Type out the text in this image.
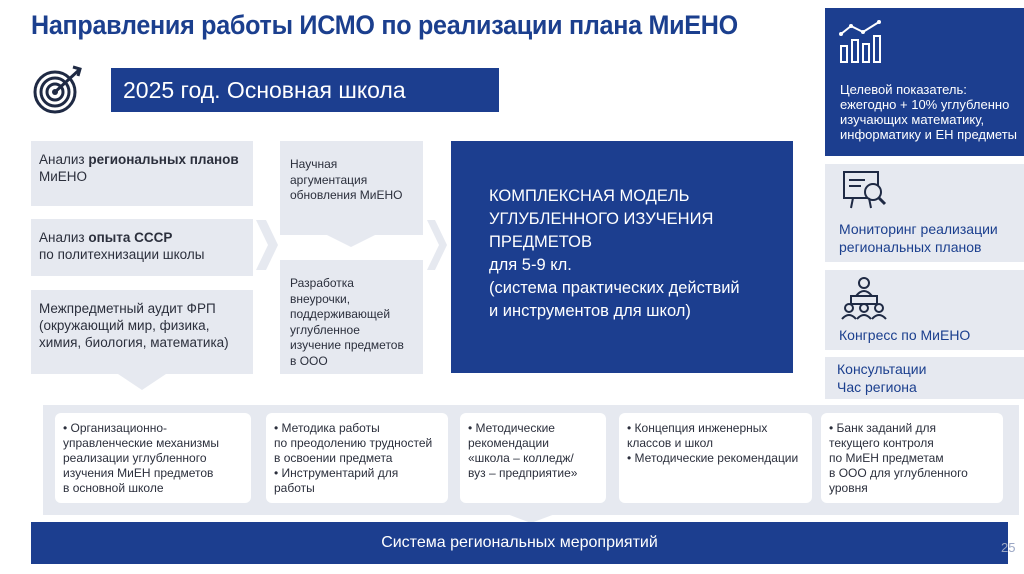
Направления работы ИСМО по реализации плана МиЕНО
2025 год. Основная школа
Анализ региональных планов
МиЕНО
Анализ опыта СССР
по политехнизации школы
Межпредметный аудит ФРП (окружающий мир, физика, химия, биология, математика)
Научная аргументация обновления МиЕНО
Разработка внеурочки, поддерживающей углубленное изучение предметов в ООО
КОМПЛЕКСНАЯ МОДЕЛЬ
УГЛУБЛЕННОГО ИЗУЧЕНИЯ
ПРЕДМЕТОВ
для 5-9 кл.
(система практических действий
и инструментов для школ)
Целевой показатель: ежегодно + 10% углубленно изучающих математику, информатику и ЕН предметы
Мониторинг реализации региональных планов
Конгресс по МиЕНО
Консультации
Час региона
• Организационно-
управленческие механизмы
реализации углубленного
изучения МиЕН предметов
в основной школе
• Методика работы
по преодолению трудностей
в освоении предмета
• Инструментарий для работы
• Методические
рекомендации
«школа – колледж/
вуз – предприятие»
• Концепция инженерных
классов и школ
• Методические рекомендации
• Банк заданий для
текущего контроля
по МиЕН предметам
в ООО для углубленного
уровня
Система региональных мероприятий	25
